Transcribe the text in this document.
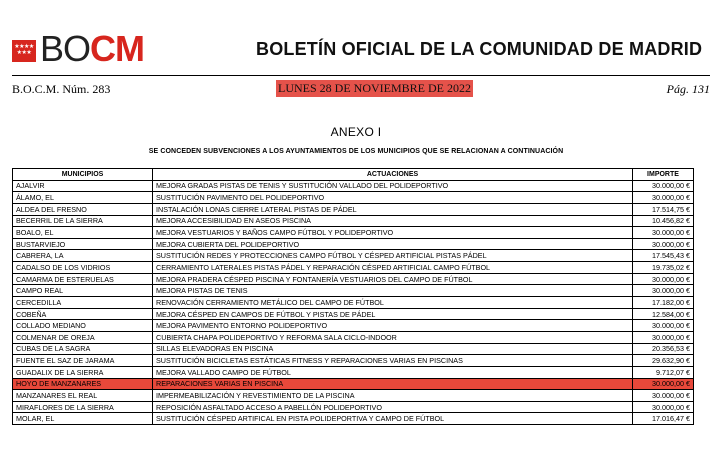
★★★★ ★★★ BOCM	BOLETÍN OFICIAL DE LA COMUNIDAD DE MADRID
B.O.C.M. Núm. 283	LUNES 28 DE NOVIEMBRE DE 2022	Pág. 131
ANEXO I
SE CONCEDEN SUBVENCIONES A LOS AYUNTAMIENTOS DE LOS MUNICIPIOS QUE SE RELACIONAN A CONTINUACIÓN
MUNICIPIOS	ACTUACIONES	IMPORTE
AJALVIR	MEJORA GRADAS PISTAS DE TENIS Y SUSTITUCIÓN VALLADO DEL POLIDEPORTIVO	30.000,00 €
ÁLAMO, EL	SUSTITUCIÓN PAVIMENTO DEL POLIDEPORTIVO	30.000,00 €
ALDEA DEL FRESNO	INSTALACIÓN LONAS CIERRE LATERAL PISTAS DE PÁDEL	17.514,75 €
BECERRIL DE LA SIERRA	MEJORA ACCESIBILIDAD EN ASEOS PISCINA	10.456,82 €
BOALO, EL	MEJORA VESTUARIOS Y BAÑOS CAMPO FÚTBOL Y POLIDEPORTIVO	30.000,00 €
BUSTARVIEJO	MEJORA CUBIERTA DEL POLIDEPORTIVO	30.000,00 €
CABRERA, LA	SUSTITUCIÓN REDES Y PROTECCIONES CAMPO FÚTBOL Y CÉSPED ARTIFICIAL PISTAS PÁDEL	17.545,43 €
CADALSO DE LOS VIDRIOS	CERRAMIENTO LATERALES PISTAS PÁDEL Y REPARACIÓN CÉSPED ARTIFICIAL CAMPO FÚTBOL	19.735,02 €
CAMARMA DE ESTERUELAS	MEJORA PRADERA CÉSPED PISCINA Y FONTANERÍA VESTUARIOS DEL CAMPO DE FÚTBOL	30.000,00 €
CAMPO REAL	MEJORA PISTAS DE TENIS	30.000,00 €
CERCEDILLA	RENOVACIÓN CERRAMIENTO METÁLICO DEL CAMPO DE FÚTBOL	17.182,00 €
COBEÑA	MEJORA CÉSPED EN CAMPOS DE FÚTBOL Y PISTAS DE PÁDEL	12.584,00 €
COLLADO MEDIANO	MEJORA PAVIMENTO ENTORNO POLIDEPORTIVO	30.000,00 €
COLMENAR DE OREJA	CUBIERTA CHAPA POLIDEPORTIVO Y REFORMA SALA CICLO-INDOOR	30.000,00 €
CUBAS DE LA SAGRA	SILLAS ELEVADORAS EN PISCINA	20.356,53 €
FUENTE EL SAZ DE JARAMA	SUSTITUCIÓN BICICLETAS ESTÁTICAS FITNESS Y REPARACIONES VARIAS EN PISCINAS	29.632,90 €
GUADALIX DE LA SIERRA	MEJORA VALLADO CAMPO DE FÚTBOL	9.712,07 €
HOYO DE MANZANARES	REPARACIONES VARIAS EN PISCINA	30.000,00 €
MANZANARES EL REAL	IMPERMEABILIZACIÓN Y REVESTIMIENTO DE LA PISCINA	30.000,00 €
MIRAFLORES DE LA SIERRA	REPOSICIÓN ASFALTADO ACCESO A PABELLÓN POLIDEPORTIVO	30.000,00 €
MOLAR, EL	SUSTITUCIÓN CÉSPED ARTIFICAL EN PISTA POLIDEPORTIVA Y CAMPO DE FÚTBOL	17.016,47 €
